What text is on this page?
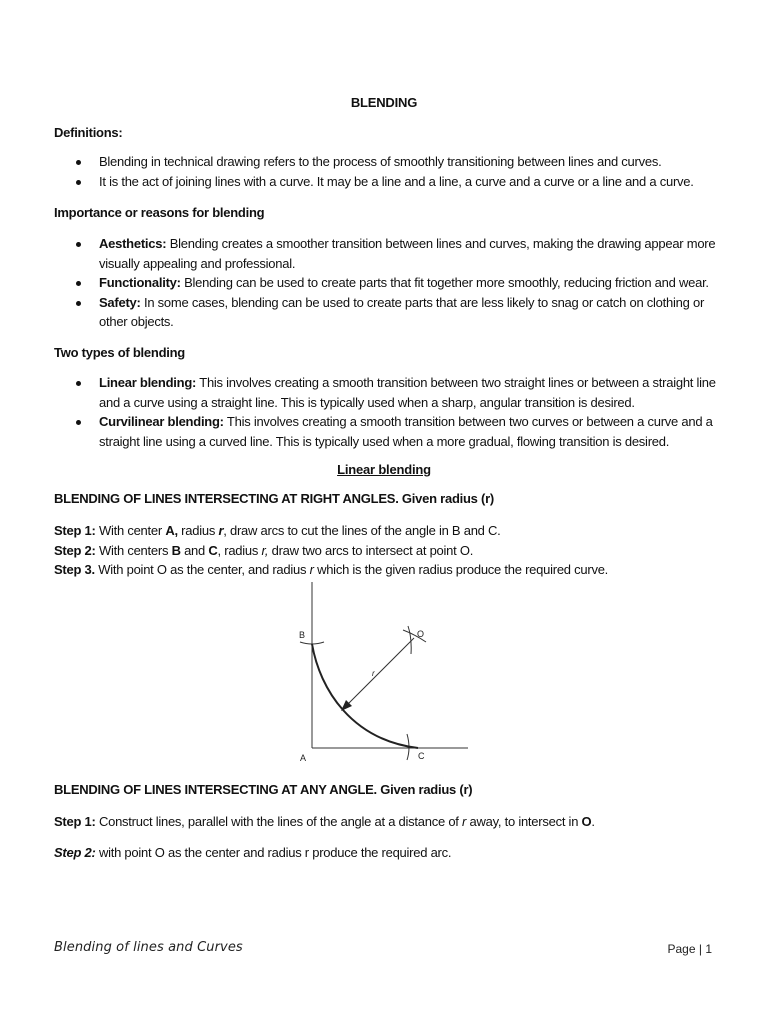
BLENDING
Definitions:
Blending in technical drawing refers to the process of smoothly transitioning between lines and curves.
It is the act of joining lines with a curve. It may be a line and a line, a curve and a curve or a line and a curve.
Importance or reasons for blending
Aesthetics: Blending creates a smoother transition between lines and curves, making the drawing appear more visually appealing and professional.
Functionality: Blending can be used to create parts that fit together more smoothly, reducing friction and wear.
Safety: In some cases, blending can be used to create parts that are less likely to snag or catch on clothing or other objects.
Two types of blending
Linear blending: This involves creating a smooth transition between two straight lines or between a straight line and a curve using a straight line. This is typically used when a sharp, angular transition is desired.
Curvilinear blending: This involves creating a smooth transition between two curves or between a curve and a straight line using a curved line. This is typically used when a more gradual, flowing transition is desired.
Linear blending
BLENDING OF LINES INTERSECTING AT RIGHT ANGLES. Given radius (r)
Step 1: With center A, radius r, draw arcs to cut the lines of the angle in B and C.
Step 2: With centers B and C, radius r, draw two arcs to intersect at point O.
Step 3. With point O as the center, and radius r which is the given radius produce the required curve.
B	O
r
A	C
BLENDING OF LINES INTERSECTING AT ANY ANGLE. Given radius (r)
Step 1: Construct lines, parallel with the lines of the angle at a distance of r away, to intersect in O.
Step 2: with point O as the center and radius r produce the required arc.
Blending of lines and Curves	Page | 1
